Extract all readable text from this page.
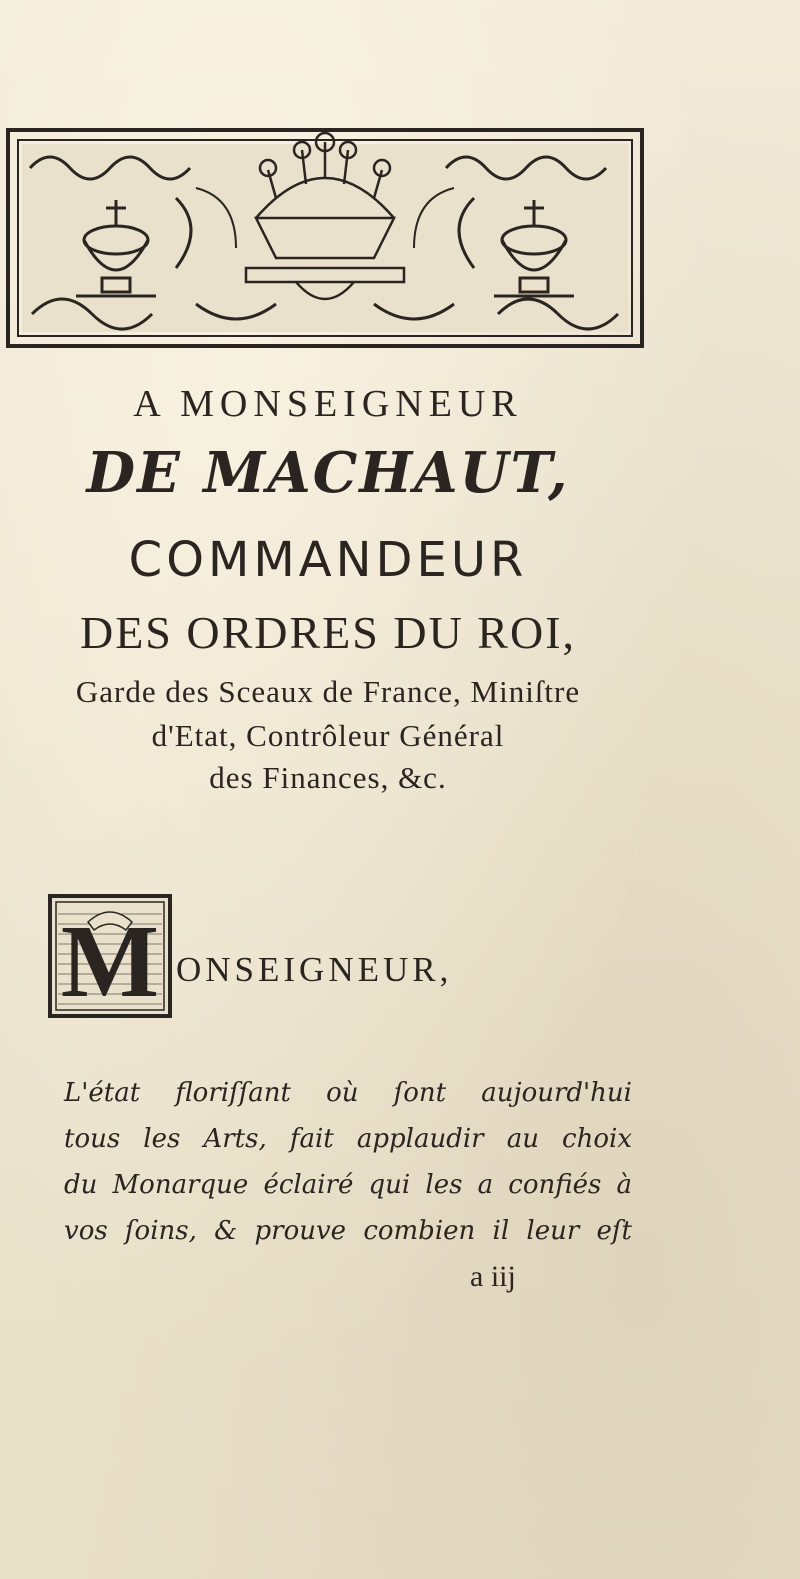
A MONSEIGNEUR
DE MACHAUT,
COMMANDEUR
DES ORDRES DU ROI,
Garde des Sceaux de France, Miniſtre
d'Etat, Contrôleur Général
des Finances, &c.
M ONSEIGNEUR,
L'état floriſſant où ſont aujourd'hui
tous les Arts, fait applaudir au choix
du Monarque éclairé qui les a confiés à
vos ſoins, & prouve combien il leur eſt
a iij
